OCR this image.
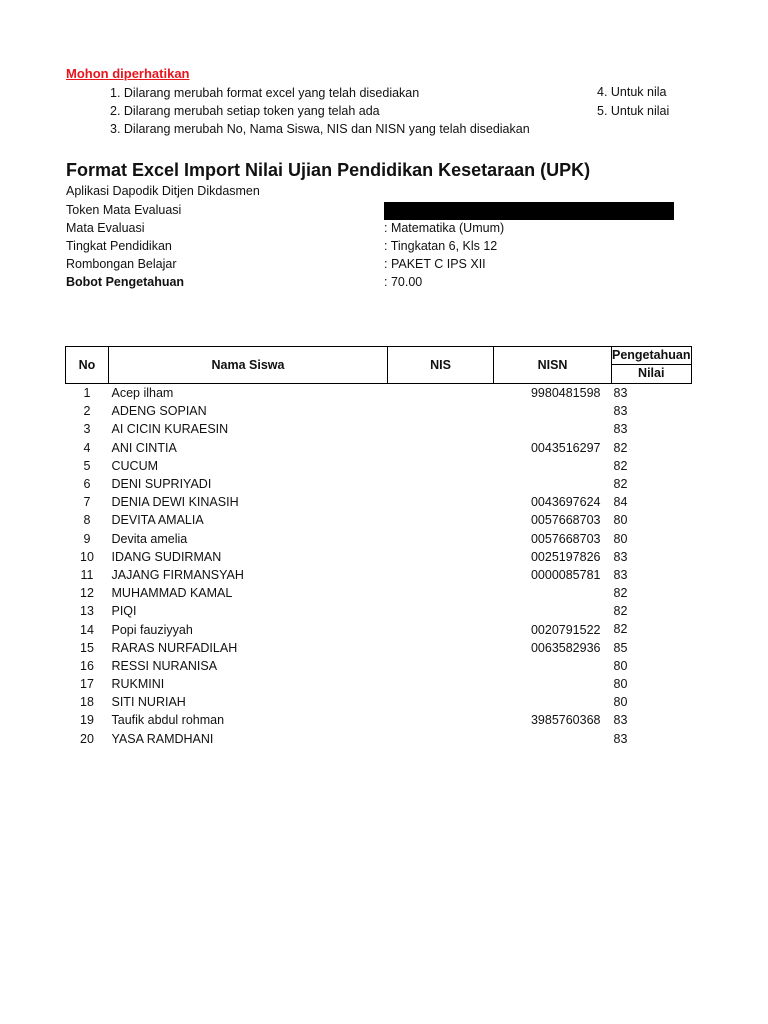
Mohon diperhatikan
1. Dilarang merubah format excel yang telah disediakan
2. Dilarang merubah setiap token yang telah ada
3. Dilarang merubah No, Nama Siswa, NIS dan NISN yang telah disediakan
4. Untuk nila
5. Untuk nilai
Format Excel Import Nilai Ujian Pendidikan Kesetaraan (UPK)
Aplikasi Dapodik Ditjen Dikdasmen
Token Mata Evaluasi
Mata Evaluasi	: Matematika (Umum)
Tingkat Pendidikan	: Tingkatan 6, Kls 12
Rombongan Belajar	: PAKET C IPS XII
Bobot Pengetahuan	: 70.00
No	Nama Siswa	NIS	NISN	Pengetahuan
Nilai

1	Acep ilham		9980481598	83
2	ADENG SOPIAN			83
3	AI CICIN KURAESIN			83
4	ANI CINTIA		0043516297	82
5	CUCUM			82
6	DENI SUPRIYADI			82
7	DENIA DEWI KINASIH		0043697624	84
8	DEVITA AMALIA		0057668703	80
9	Devita amelia		0057668703	80
10	IDANG SUDIRMAN		0025197826	83
11	JAJANG FIRMANSYAH		0000085781	83
12	MUHAMMAD KAMAL			82
13	PIQI			82
14	Popi fauziyyah		0020791522	82
15	RARAS NURFADILAH		0063582936	85
16	RESSI NURANISA			80
17	RUKMINI			80
18	SITI NURIAH			80
19	Taufik abdul rohman		3985760368	83
20	YASA RAMDHANI			83
